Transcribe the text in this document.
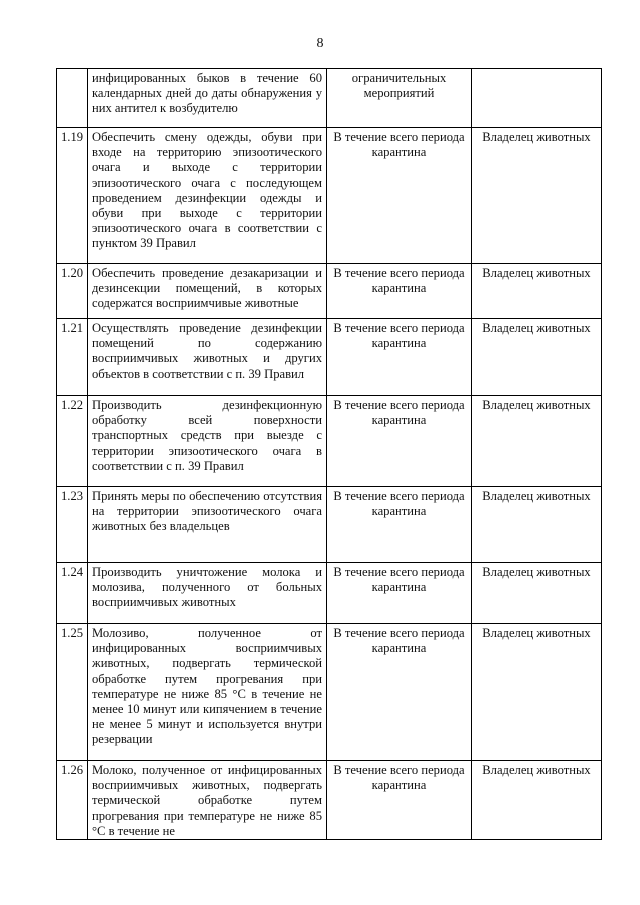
8
	инфицированных быков в течение 60 календарных дней до даты обнаружения у них антител к возбудителю	ограничительных мероприятий	
1.19	Обеспечить смену одежды, обуви при входе на территорию эпизоотического очага и выходе с территории эпизоотического очага с последующем проведением дезинфекции одежды и обуви при выходе с территории эпизоотического очага в соответствии с пунктом 39 Правил	В течение всего периода карантина	Владелец животных
1.20	Обеспечить проведение дезакаризации и дезинсекции помещений, в которых содержатся восприимчивые животные	В течение всего периода карантина	Владелец животных
1.21	Осуществлять проведение дезинфекции помещений по содержанию восприимчивых животных и других объектов в соответствии с п. 39 Правил	В течение всего периода карантина	Владелец животных
1.22	Производить дезинфекционную обработку всей поверхности транспортных средств при выезде с территории эпизоотического очага в соответствии с п. 39 Правил	В течение всего периода карантина	Владелец животных
1.23	Принять меры по обеспечению отсутствия на территории эпизоотического очага животных без владельцев	В течение всего периода карантина	Владелец животных
1.24	Производить уничтожение молока и молозива, полученного от больных восприимчивых животных	В течение всего периода карантина	Владелец животных
1.25	Молозиво, полученное от инфицированных восприимчивых животных, подвергать термической обработке путем прогревания при температуре не ниже 85 °C в течение не менее 10 минут или кипячением в течение не менее 5 минут и используется внутри резервации	В течение всего периода карантина	Владелец животных
1.26	Молоко, полученное от инфицированных восприимчивых животных, подвергать термической обработке путем прогревания при температуре не ниже 85 °C в течение не	В течение всего периода карантина	Владелец животных
